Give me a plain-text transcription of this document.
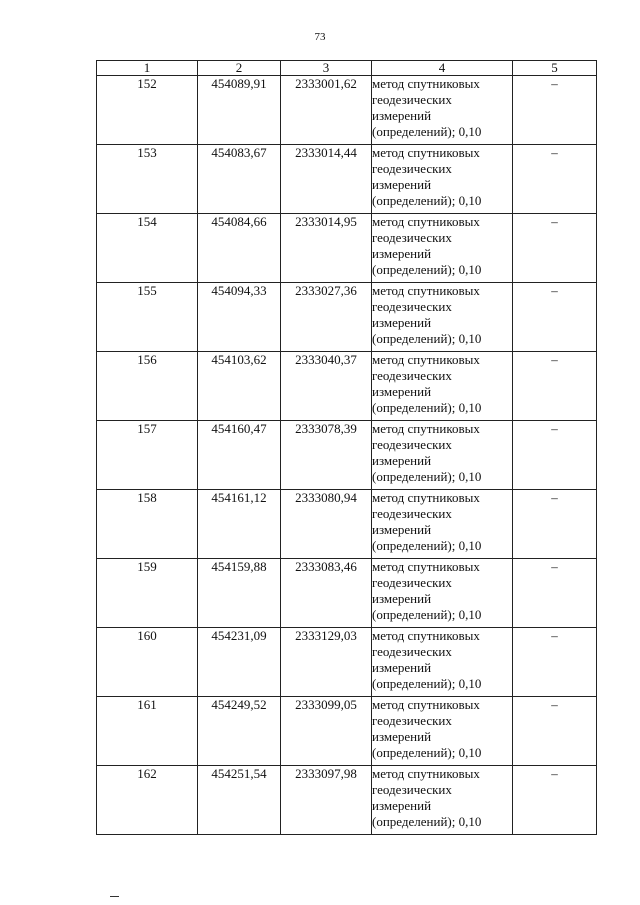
73
1	2	3	4	5
152	454089,91	2333001,62	метод спутниковых геодезических измерений (определений); 0,10	–
153	454083,67	2333014,44	метод спутниковых геодезических измерений (определений); 0,10	–
154	454084,66	2333014,95	метод спутниковых геодезических измерений (определений); 0,10	–
155	454094,33	2333027,36	метод спутниковых геодезических измерений (определений); 0,10	–
156	454103,62	2333040,37	метод спутниковых геодезических измерений (определений); 0,10	–
157	454160,47	2333078,39	метод спутниковых геодезических измерений (определений); 0,10	–
158	454161,12	2333080,94	метод спутниковых геодезических измерений (определений); 0,10	–
159	454159,88	2333083,46	метод спутниковых геодезических измерений (определений); 0,10	–
160	454231,09	2333129,03	метод спутниковых геодезических измерений (определений); 0,10	–
161	454249,52	2333099,05	метод спутниковых геодезических измерений (определений); 0,10	–
162	454251,54	2333097,98	метод спутниковых геодезических измерений (определений); 0,10	–
